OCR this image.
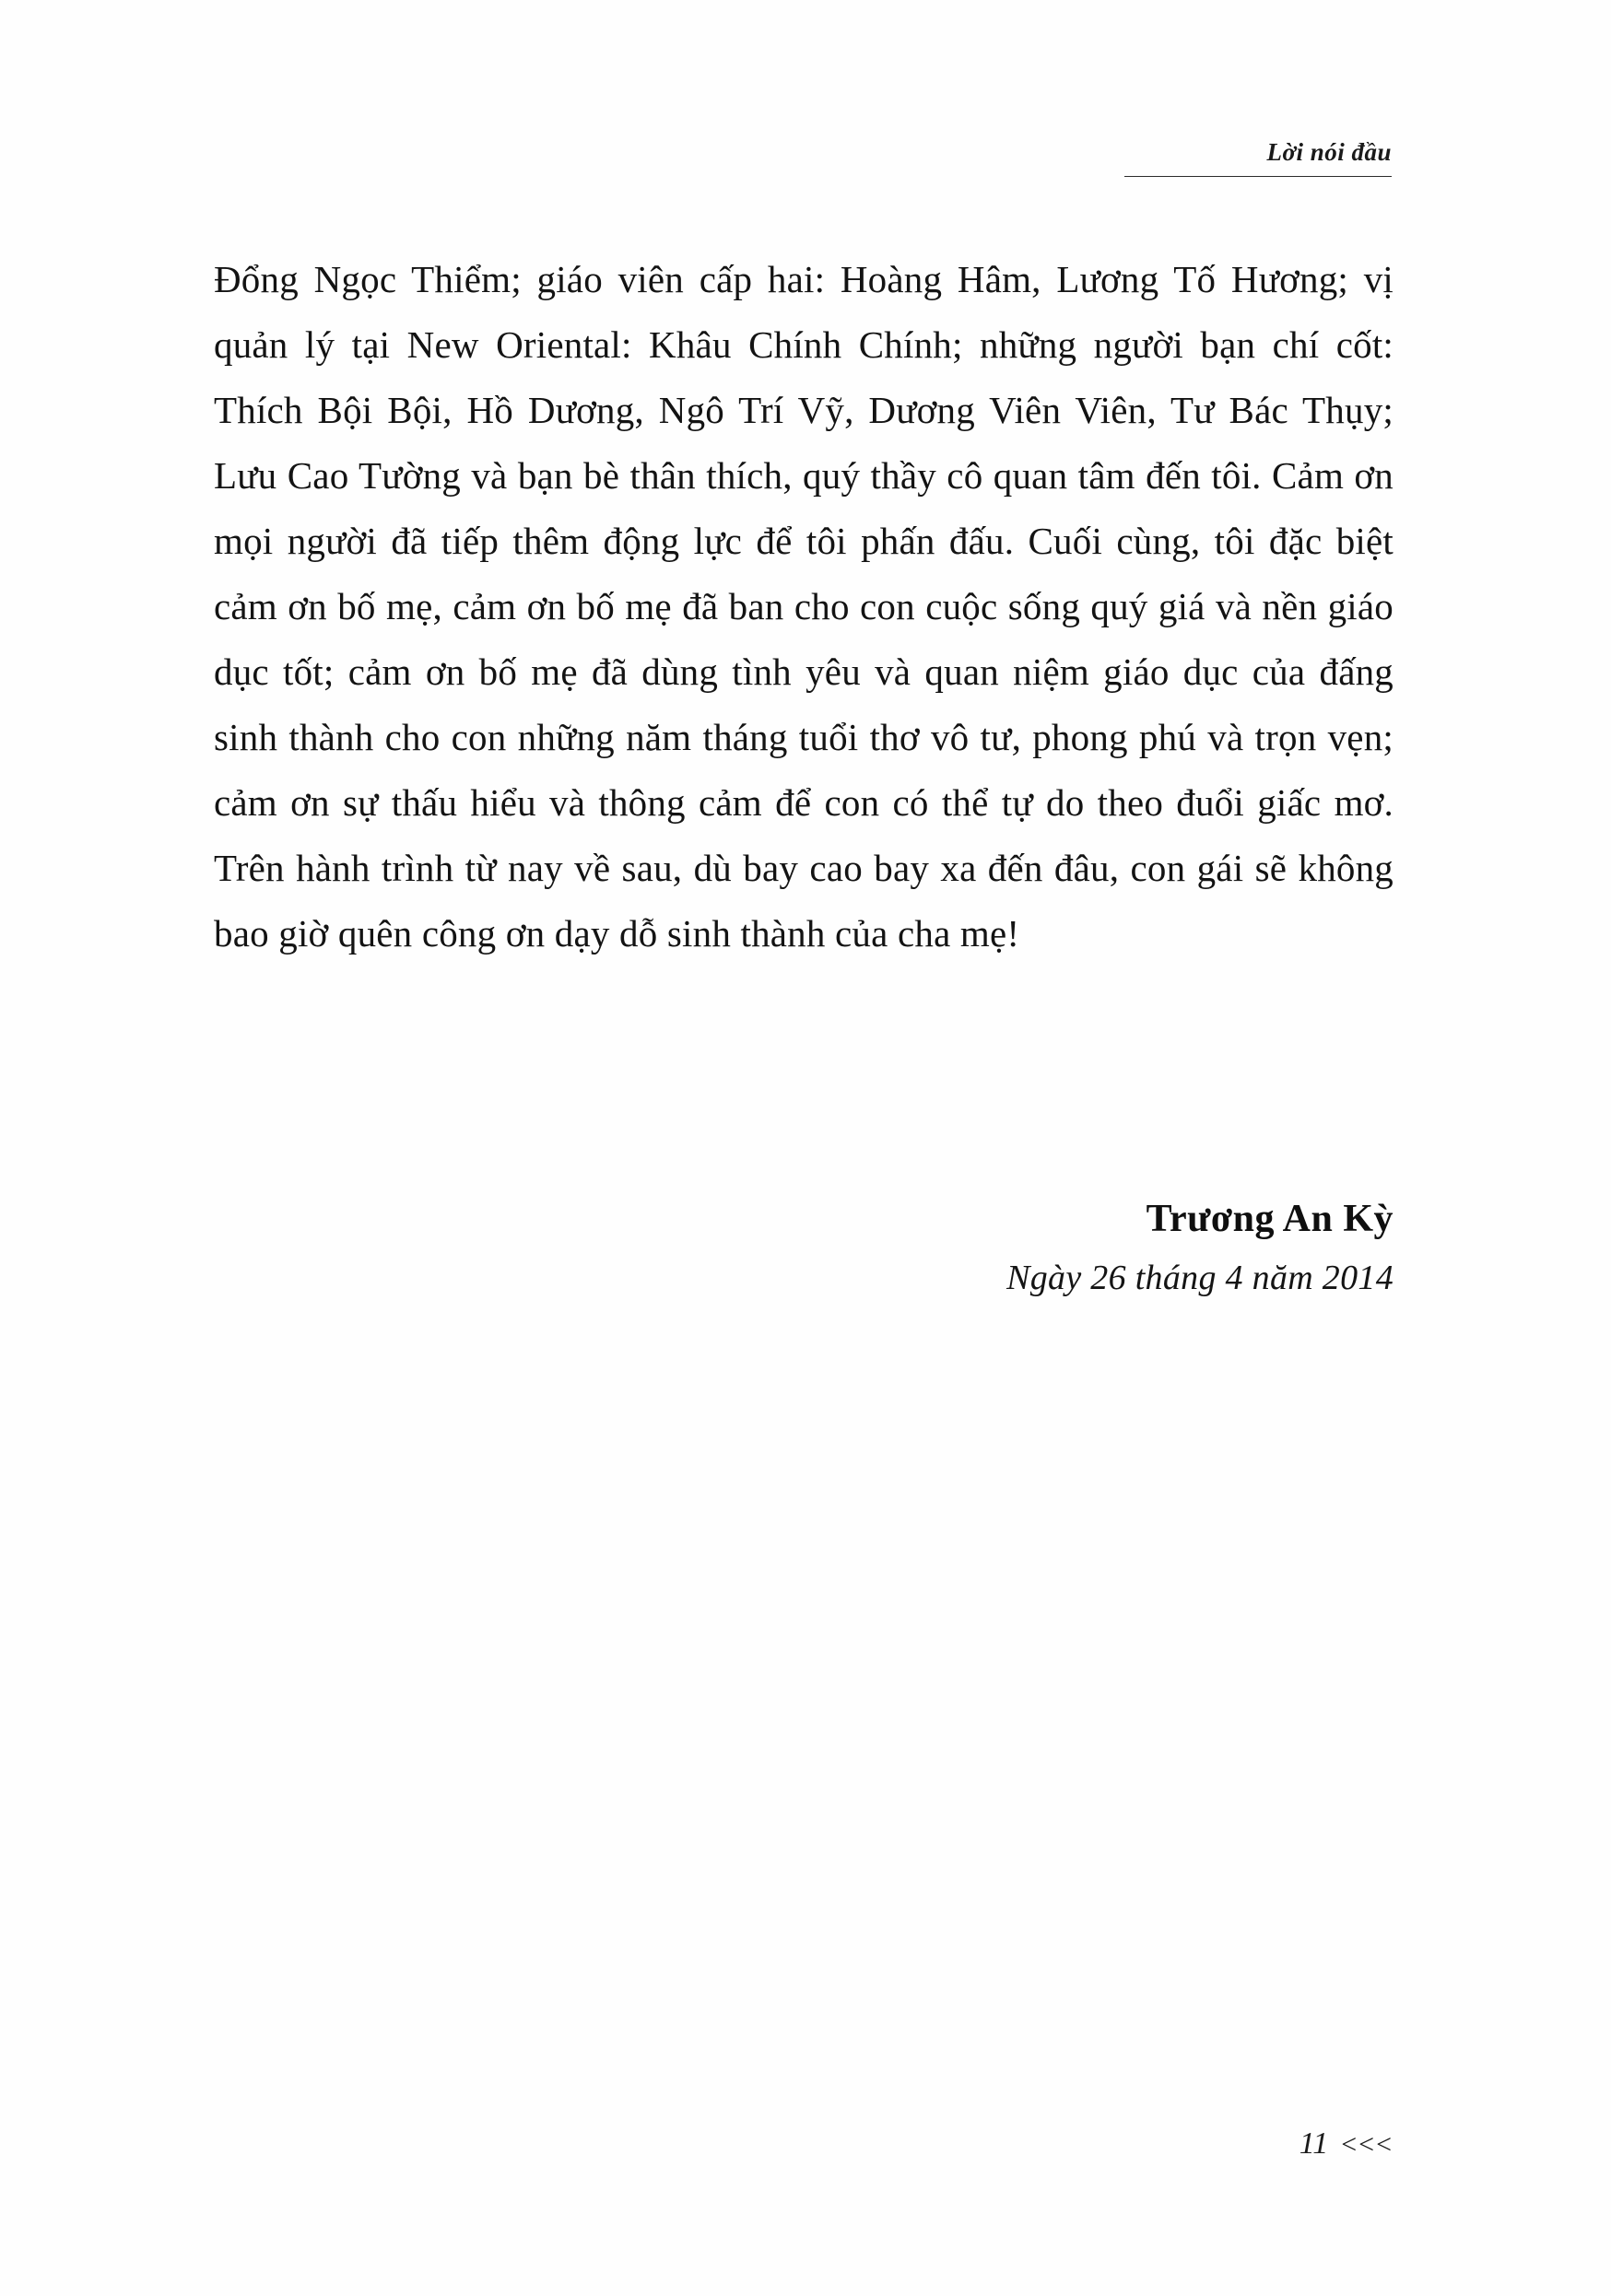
Lời nói đầu

Đổng Ngọc Thiểm; giáo viên cấp hai: Hoàng Hâm, Lương Tố Hương; vị quản lý tại New Oriental: Khâu Chính Chính; những người bạn chí cốt: Thích Bội Bội, Hồ Dương, Ngô Trí Vỹ, Dương Viên Viên, Tư Bác Thụy; Lưu Cao Tường và bạn bè thân thích, quý thầy cô quan tâm đến tôi. Cảm ơn mọi người đã tiếp thêm động lực để tôi phấn đấu. Cuối cùng, tôi đặc biệt cảm ơn bố mẹ, cảm ơn bố mẹ đã ban cho con cuộc sống quý giá và nền giáo dục tốt; cảm ơn bố mẹ đã dùng tình yêu và quan niệm giáo dục của đấng sinh thành cho con những năm tháng tuổi thơ vô tư, phong phú và trọn vẹn; cảm ơn sự thấu hiểu và thông cảm để con có thể tự do theo đuổi giấc mơ. Trên hành trình từ nay về sau, dù bay cao bay xa đến đâu, con gái sẽ không bao giờ quên công ơn dạy dỗ sinh thành của cha mẹ!

Trương An Kỳ
Ngày 26 tháng 4 năm 2014
11 <<<
